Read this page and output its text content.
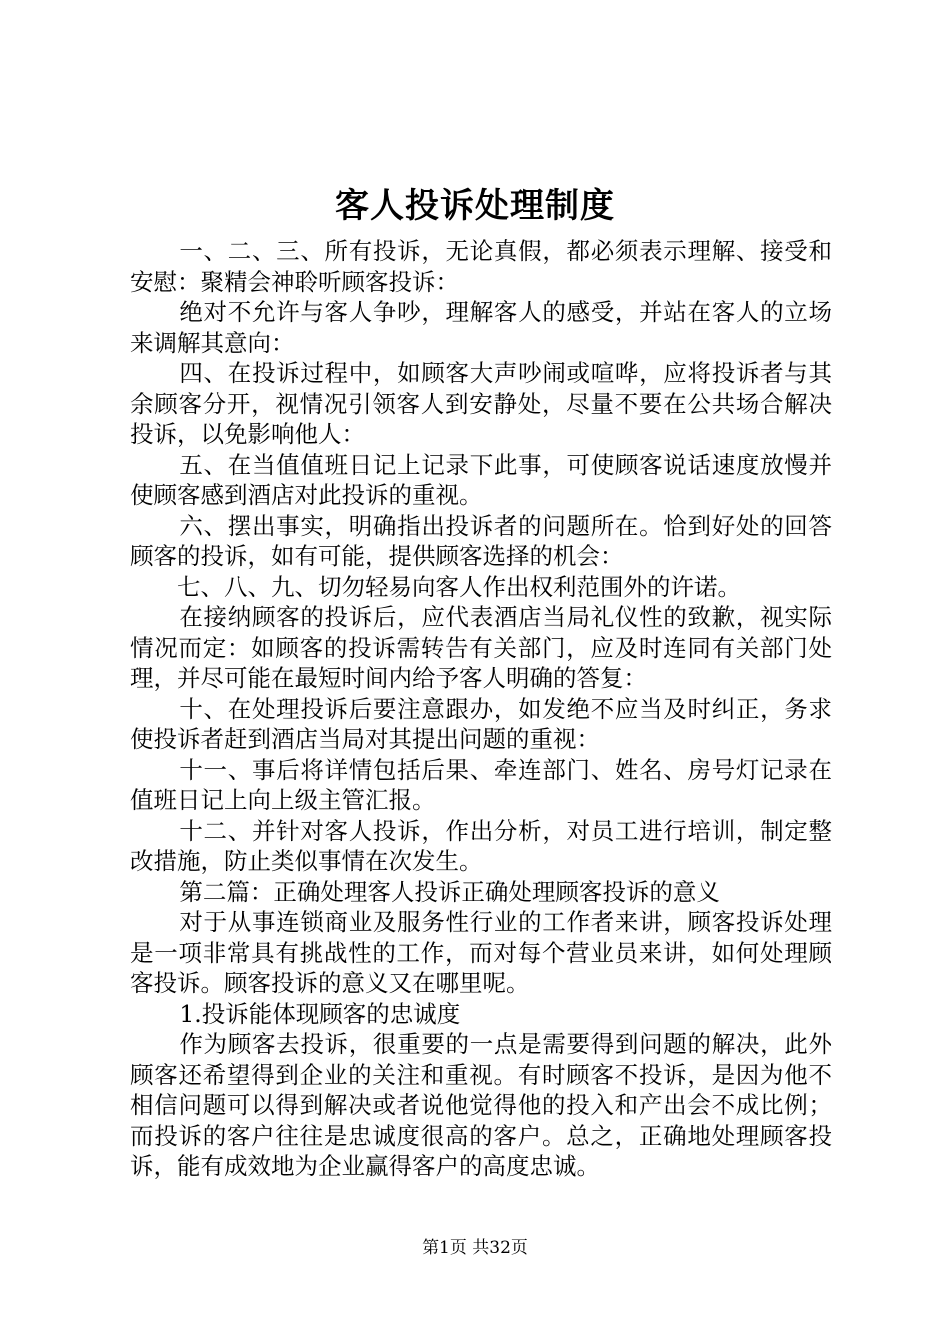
客人投诉处理制度

一、二、三、所有投诉，无论真假，都必须表示理解、接受和安慰：聚精会神聆听顾客投诉：

绝对不允许与客人争吵，理解客人的感受，并站在客人的立场来调解其意向：

四、在投诉过程中，如顾客大声吵闹或喧哗，应将投诉者与其余顾客分开，视情况引领客人到安静处，尽量不要在公共场合解决投诉，以免影响他人：

五、在当值值班日记上记录下此事，可使顾客说话速度放慢并使顾客感到酒店对此投诉的重视。

六、摆出事实，明确指出投诉者的问题所在。恰到好处的回答顾客的投诉，如有可能，提供顾客选择的机会：

七、八、九、切勿轻易向客人作出权利范围外的许诺。

在接纳顾客的投诉后，应代表酒店当局礼仪性的致歉，视实际情况而定：如顾客的投诉需转告有关部门，应及时连同有关部门处理，并尽可能在最短时间内给予客人明确的答复：

十、在处理投诉后要注意跟办，如发绝不应当及时纠正，务求使投诉者赶到酒店当局对其提出问题的重视：

十一、事后将详情包括后果、牵连部门、姓名、房号灯记录在值班日记上向上级主管汇报。

十二、并针对客人投诉，作出分析，对员工进行培训，制定整改措施，防止类似事情在次发生。

第二篇：正确处理客人投诉正确处理顾客投诉的意义

对于从事连锁商业及服务性行业的工作者来讲，顾客投诉处理是一项非常具有挑战性的工作，而对每个营业员来讲，如何处理顾客投诉。顾客投诉的意义又在哪里呢。

1.投诉能体现顾客的忠诚度

作为顾客去投诉，很重要的一点是需要得到问题的解决，此外顾客还希望得到企业的关注和重视。有时顾客不投诉，是因为他不相信问题可以得到解决或者说他觉得他的投入和产出会不成比例；而投诉的客户往往是忠诚度很高的客户。总之，正确地处理顾客投诉，能有成效地为企业赢得客户的高度忠诚。

第1页 共32页
